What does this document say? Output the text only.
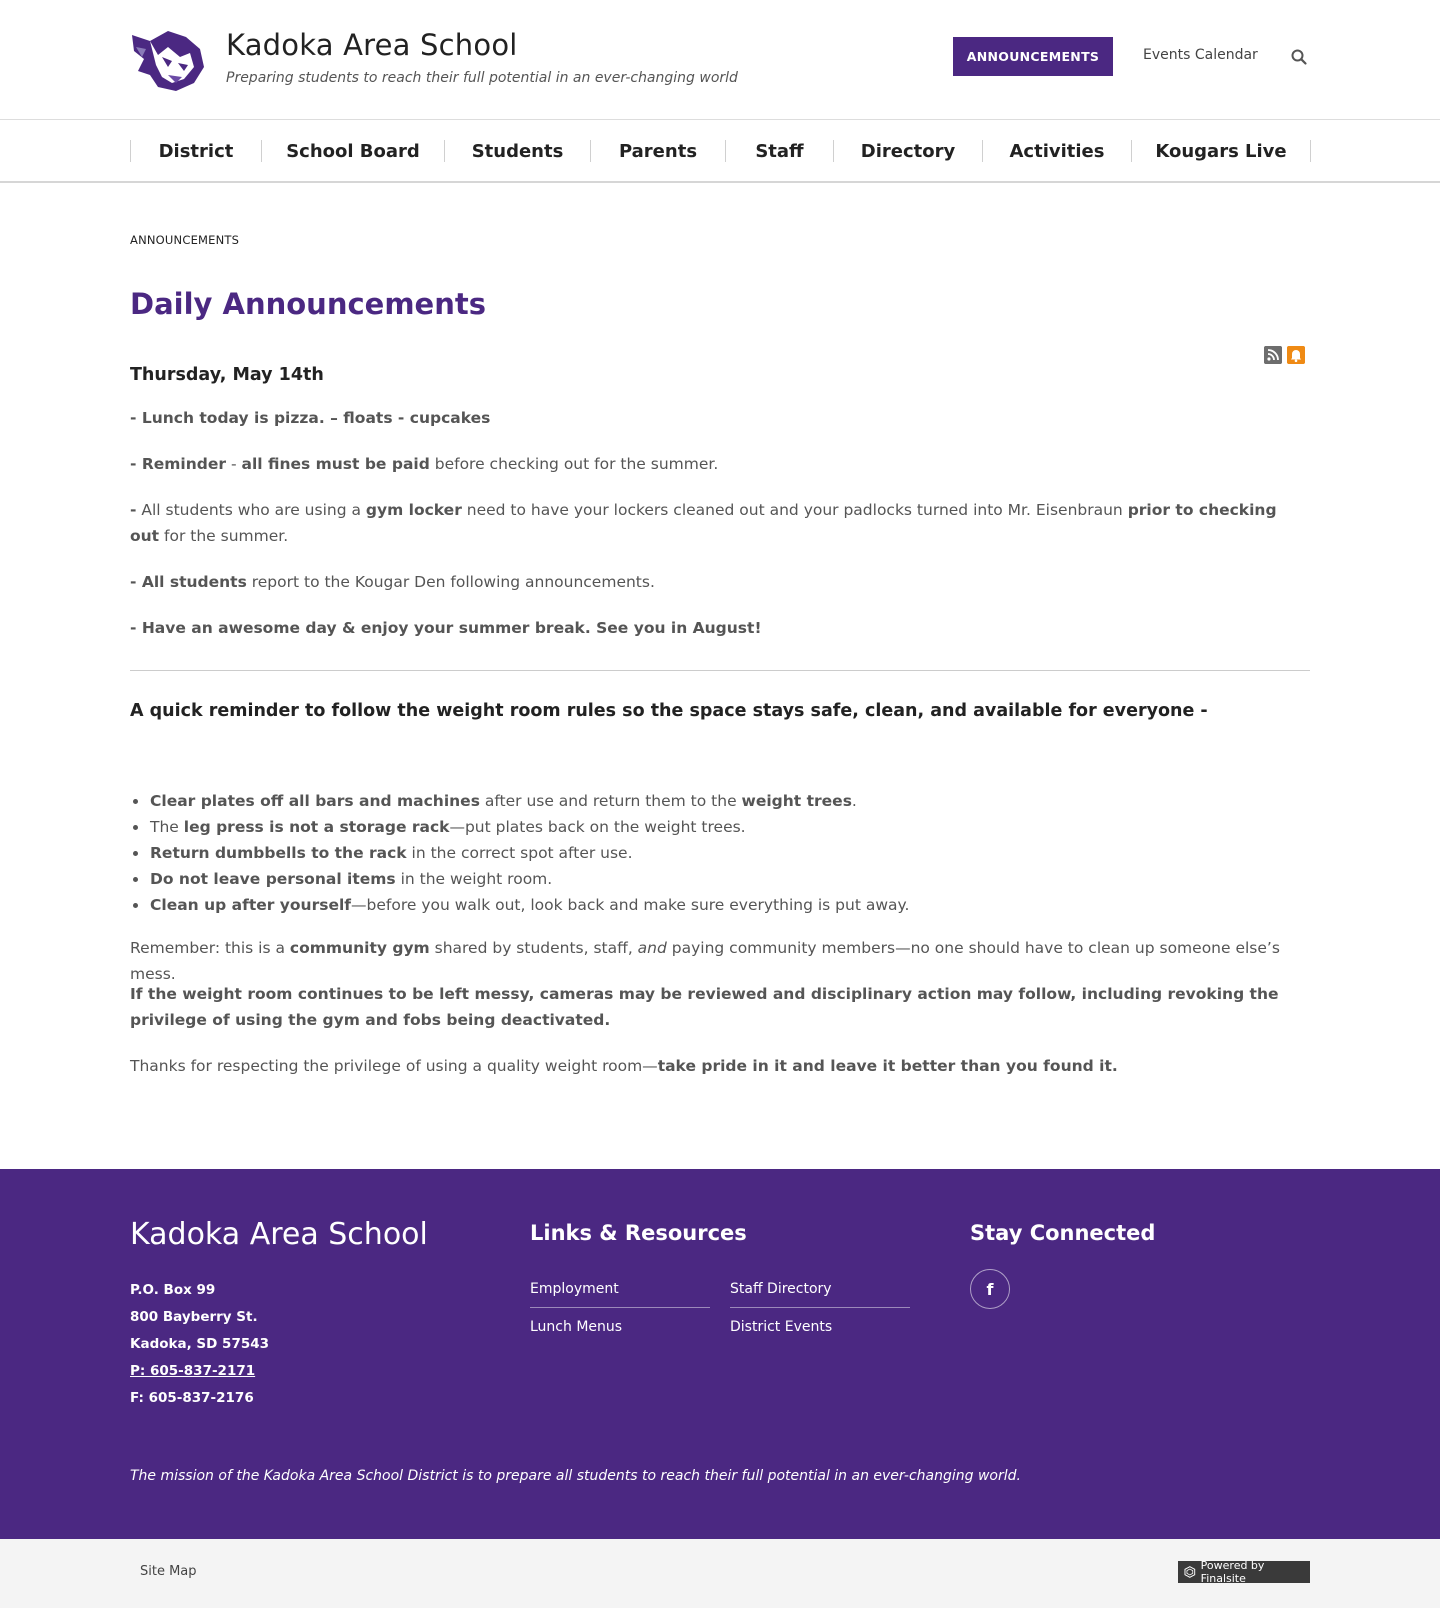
Kadoka Area School
Preparing students to reach their full potential in an ever-changing world
ANNOUNCEMENTS	Events Calendar
District	School Board	Students	Parents	Staff	Directory	Activities	Kougars Live
ANNOUNCEMENTS
Daily Announcements
Thursday, May 14th
- Lunch today is pizza. – floats - cupcakes
- Reminder - all fines must be paid before checking out for the summer.
- All students who are using a gym locker need to have your lockers cleaned out and your padlocks turned into Mr. Eisenbraun prior to checking out for the summer.
- All students report to the Kougar Den following announcements.
- Have an awesome day & enjoy your summer break. See you in August!
A quick reminder to follow the weight room rules so the space stays safe, clean, and available for everyone -
Clear plates off all bars and machines after use and return them to the weight trees.
The leg press is not a storage rack—put plates back on the weight trees.
Return dumbbells to the rack in the correct spot after use.
Do not leave personal items in the weight room.
Clean up after yourself—before you walk out, look back and make sure everything is put away.
Remember: this is a community gym shared by students, staff, and paying community members—no one should have to clean up someone else’s mess.
If the weight room continues to be left messy, cameras may be reviewed and disciplinary action may follow, including revoking the privilege of using the gym and fobs being deactivated.
Thanks for respecting the privilege of using a quality weight room—take pride in it and leave it better than you found it.
Kadoka Area School
P.O. Box 99
800 Bayberry St.
Kadoka, SD 57543
P: 605-837-2171
F: 605-837-2176
Links & Resources
Employment	Staff Directory
Lunch Menus	District Events
Stay Connected
f
The mission of the Kadoka Area School District is to prepare all students to reach their full potential in an ever-changing world.
Site Map	Powered by Finalsite
